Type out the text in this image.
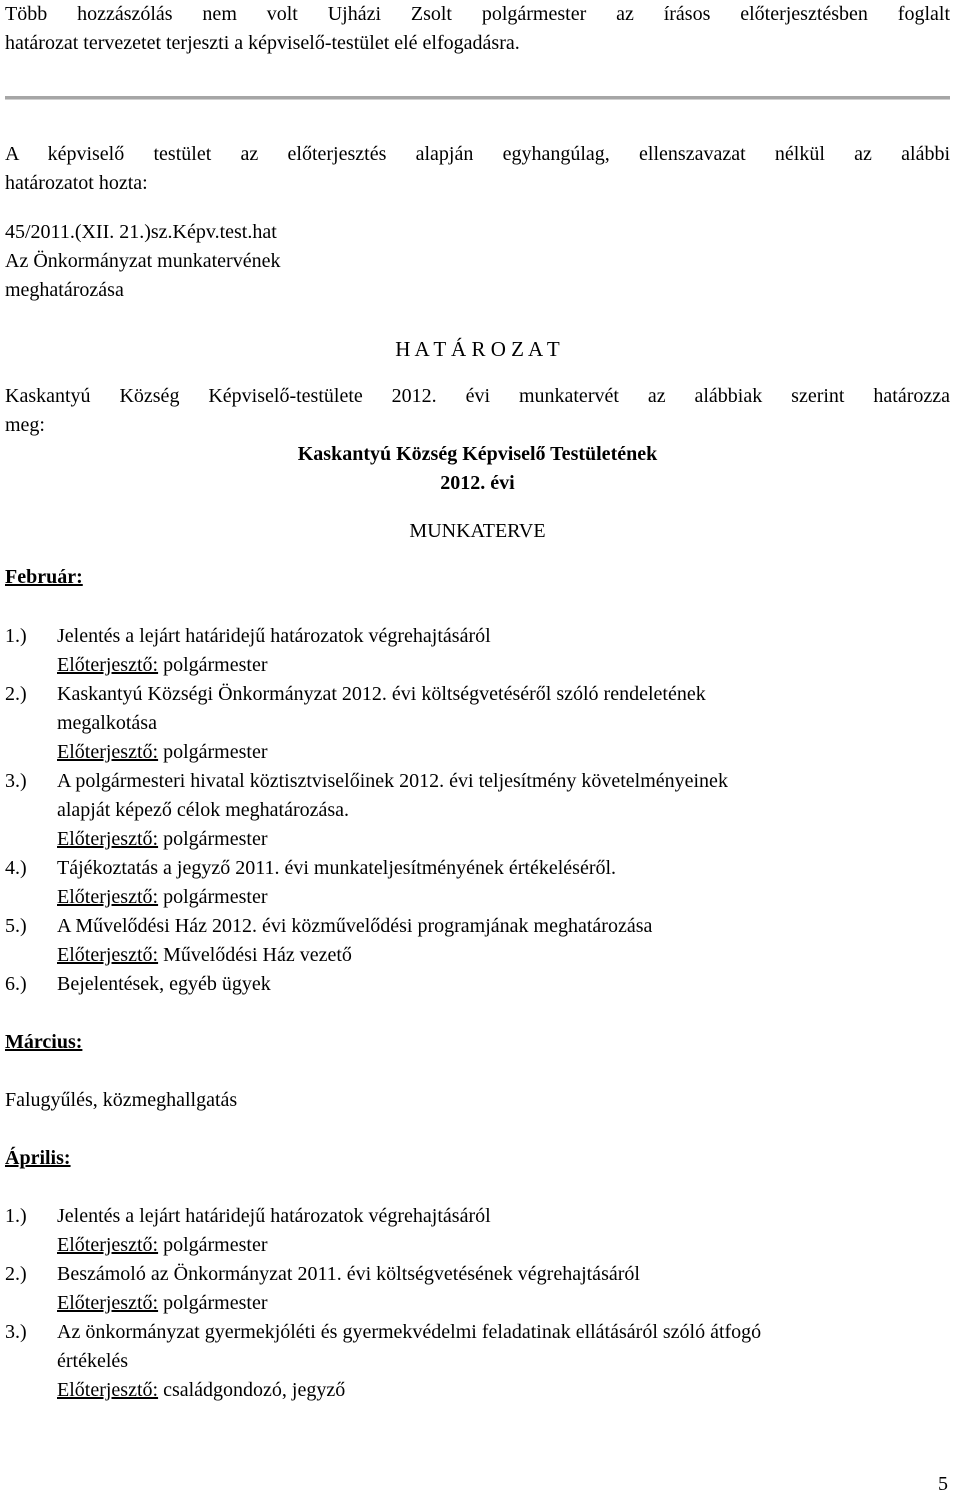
Több hozzászólás nem volt Ujházi Zsolt polgármester az írásos előterjesztésben foglalt

határozat tervezetet terjeszti a képviselő-testület elé elfogadásra.

A képviselő testület az előterjesztés alapján egyhangúlag, ellenszavazat nélkül az alábbi

határozatot hozta:

45/2011.(XII. 21.)sz.Képv.test.hat

Az Önkormányzat munkatervének

meghatározása

H A T Á R O Z A T

Kaskantyú Község Képviselő-testülete 2012. évi munkatervét az alábbiak szerint határozza

meg:

Kaskantyú Község Képviselő Testületének

2012. évi

MUNKATERVE

Február:

1.) Jelentés a lejárt határidejű határozatok végrehajtásáról

Előterjesztő: polgármester

2.) Kaskantyú Községi Önkormányzat 2012. évi költségvetéséről szóló rendeletének

megalkotása

Előterjesztő: polgármester

3.) A polgármesteri hivatal köztisztviselőinek 2012. évi teljesítmény követelményeinek

alapját képező célok meghatározása.

Előterjesztő: polgármester

4.) Tájékoztatás a jegyző 2011. évi munkateljesítményének értékeléséről.

Előterjesztő: polgármester

5.) A Művelődési Ház 2012. évi közművelődési programjának meghatározása

Előterjesztő: Művelődési Ház vezető

6.) Bejelentések, egyéb ügyek

Március:

Falugyűlés, közmeghallgatás

Április:

1.) Jelentés a lejárt határidejű határozatok végrehajtásáról

Előterjesztő: polgármester

2.) Beszámoló az Önkormányzat 2011. évi költségvetésének végrehajtásáról

Előterjesztő: polgármester

3.) Az önkormányzat gyermekjóléti és gyermekvédelmi feladatinak ellátásáról szóló átfogó

értékelés

Előterjesztő: családgondozó, jegyző

5
